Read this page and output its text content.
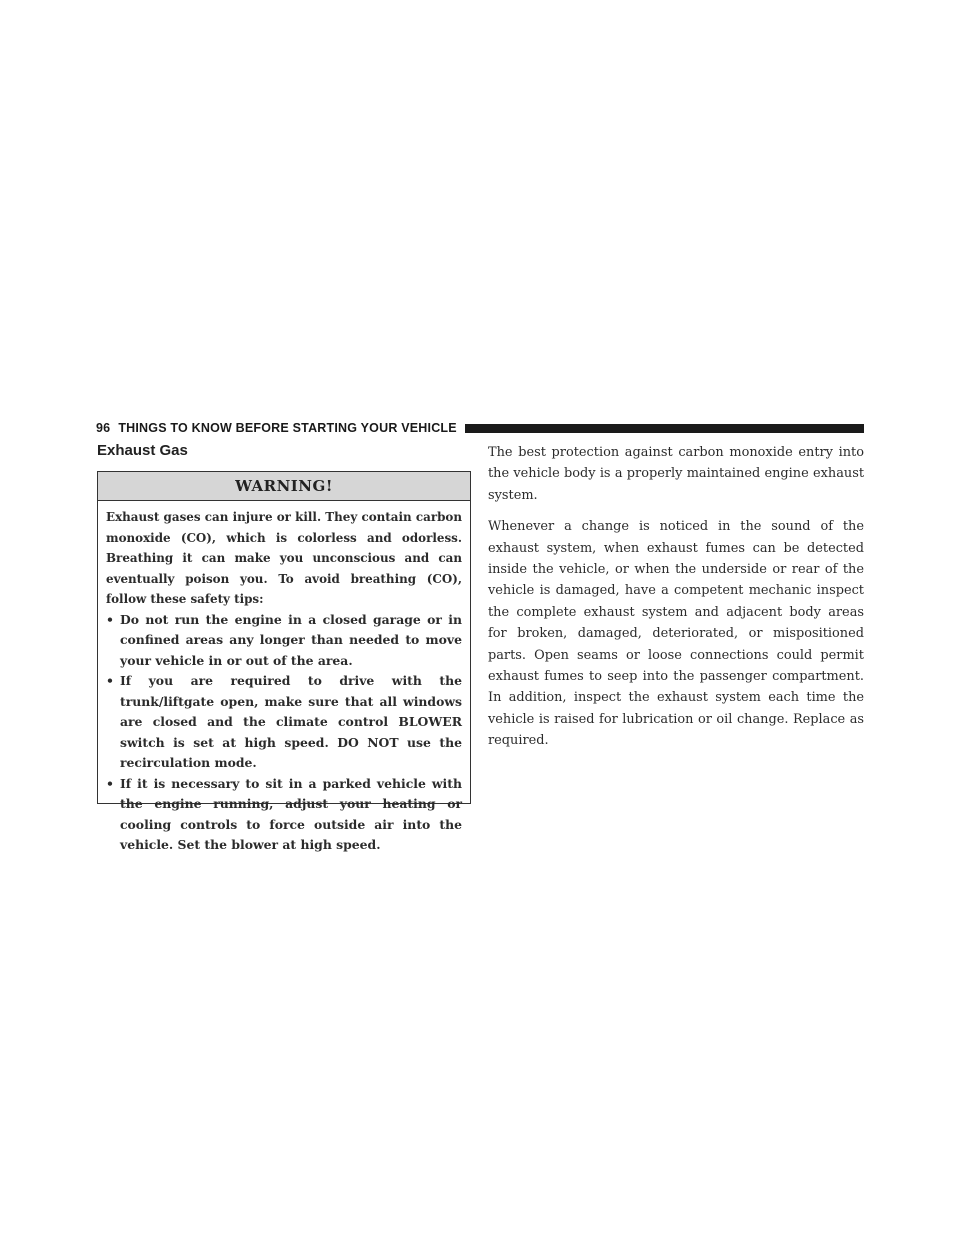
96 THINGS TO KNOW BEFORE STARTING YOUR VEHICLE
Exhaust Gas
WARNING!

Exhaust gases can injure or kill. They contain carbon monoxide (CO), which is colorless and odorless. Breathing it can make you unconscious and can eventually poison you. To avoid breathing (CO), follow these safety tips:

• Do not run the engine in a closed garage or in confined areas any longer than needed to move your vehicle in or out of the area.
• If you are required to drive with the trunk/liftgate open, make sure that all windows are closed and the climate control BLOWER switch is set at high speed. DO NOT use the recirculation mode.
• If it is necessary to sit in a parked vehicle with the engine running, adjust your heating or cooling controls to force outside air into the vehicle. Set the blower at high speed.

The best protection against carbon monoxide entry into the vehicle body is a properly maintained engine exhaust system.

Whenever a change is noticed in the sound of the exhaust system, when exhaust fumes can be detected inside the vehicle, or when the underside or rear of the vehicle is damaged, have a competent mechanic inspect the complete exhaust system and adjacent body areas for broken, damaged, deteriorated, or mispositioned parts. Open seams or loose connections could permit exhaust fumes to seep into the passenger compartment. In addition, inspect the exhaust system each time the vehicle is raised for lubrication or oil change. Replace as required.
